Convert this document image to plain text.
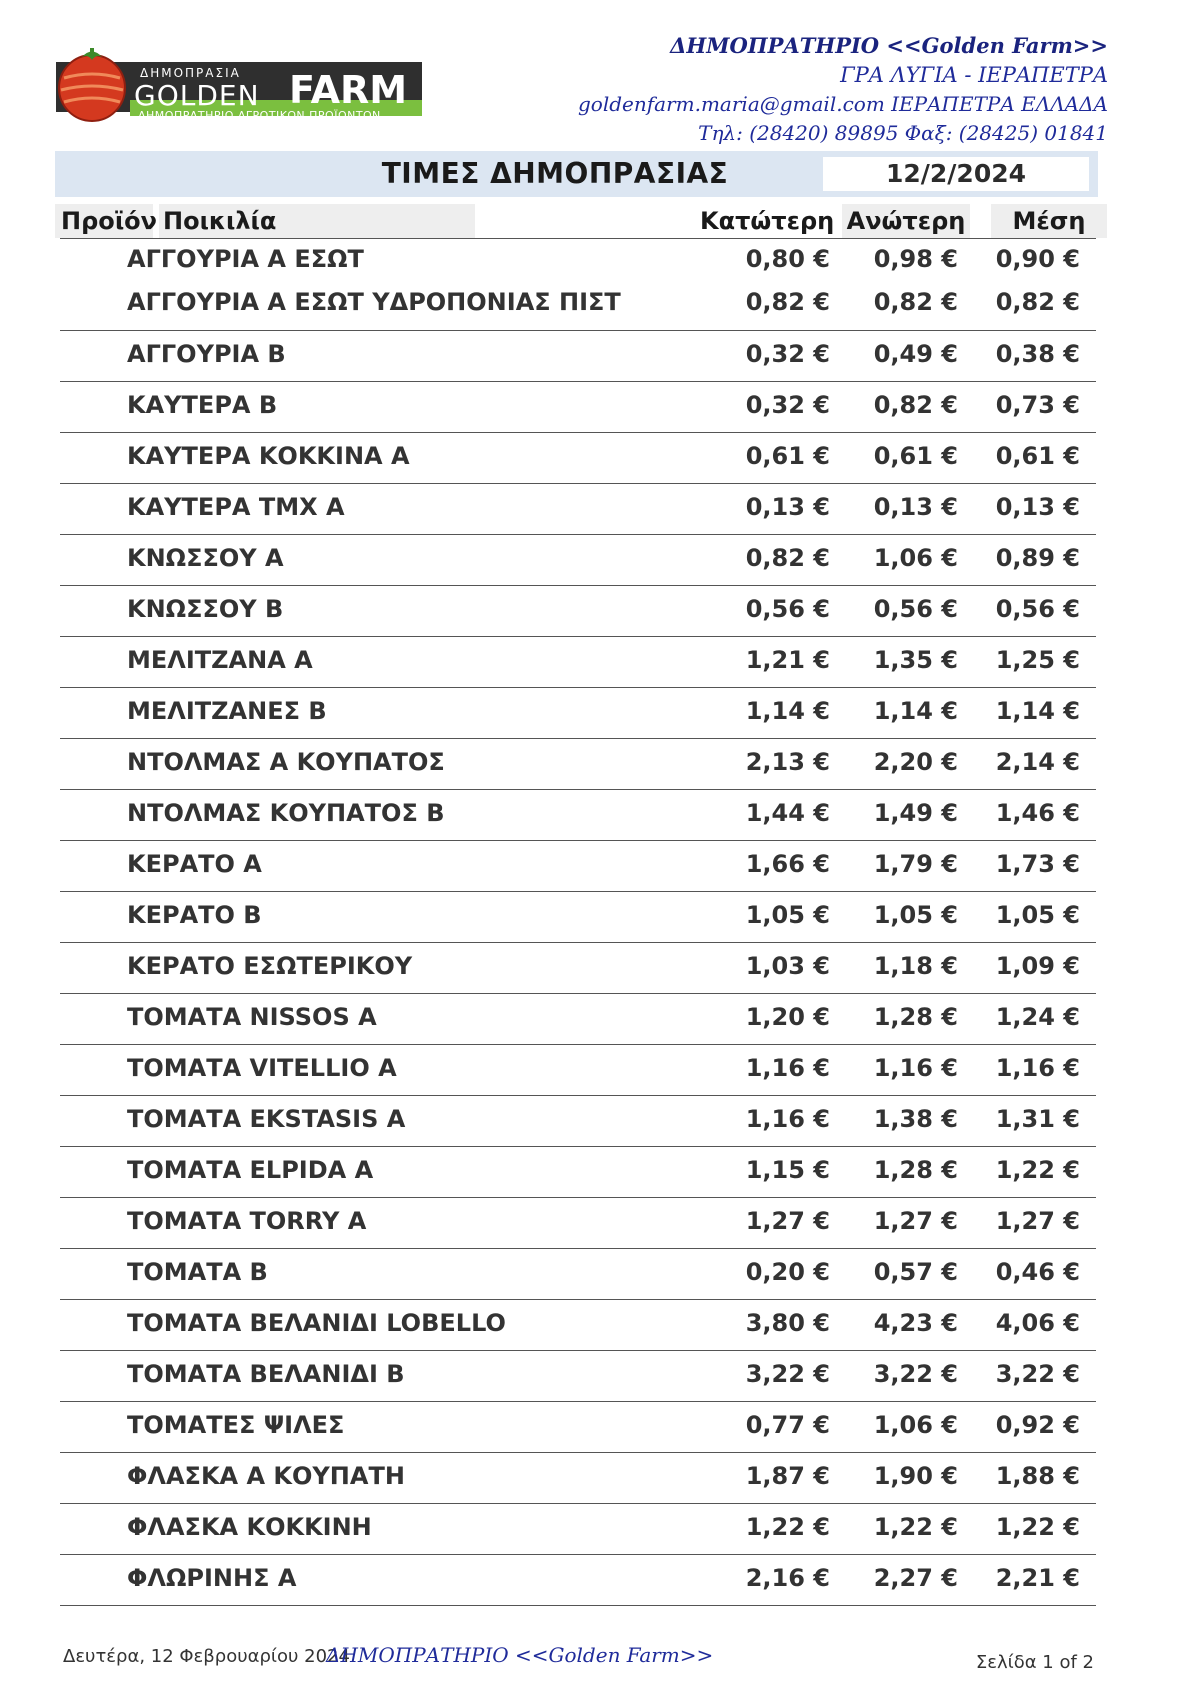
ΔΗΜΟΠΡΑΣΙΑ
GOLDEN FARM
ΔΗΜΟΠΡΑΤΗΡΙΟ ΑΓΡΟΤΙΚΩΝ ΠΡΟΪΟΝΤΩΝ
ΔΗΜΟΠΡΑΤΗΡΙΟ <<Golden Farm>>
ΓΡΑ ΛΥΓΙΑ - ΙΕΡΑΠΕΤΡΑ
goldenfarm.maria@gmail.com ΙΕΡΑΠΕΤΡΑ ΕΛΛΑΔΑ
Τηλ: (28420) 89895 Φαξ: (28425) 01841
ΤΙΜΕΣ ΔΗΜΟΠΡΑΣΙΑΣ	12/2/2024
Προϊόν Ποικιλία	Κατώτερη Ανώτερη	Μέση
ΑΓΓΟΥΡΙΑ Α ΕΣΩΤ	0,80 €	0,98 €	0,90 €
ΑΓΓΟΥΡΙΑ Α ΕΣΩΤ ΥΔΡΟΠΟΝΙΑΣ ΠΙΣΤ	0,82 €	0,82 €	0,82 €
ΑΓΓΟΥΡΙΑ Β	0,32 €	0,49 €	0,38 €
ΚΑΥΤΕΡΑ Β	0,32 €	0,82 €	0,73 €
ΚΑΥΤΕΡΑ ΚΟΚΚΙΝΑ Α	0,61 €	0,61 €	0,61 €
ΚΑΥΤΕΡΑ ΤΜΧ Α	0,13 €	0,13 €	0,13 €
ΚΝΩΣΣΟΥ Α	0,82 €	1,06 €	0,89 €
ΚΝΩΣΣΟΥ Β	0,56 €	0,56 €	0,56 €
ΜΕΛΙΤΖΑΝΑ Α	1,21 €	1,35 €	1,25 €
ΜΕΛΙΤΖΑΝΕΣ Β	1,14 €	1,14 €	1,14 €
ΝΤΟΛΜΑΣ Α ΚΟΥΠΑΤΟΣ	2,13 €	2,20 €	2,14 €
ΝΤΟΛΜΑΣ ΚΟΥΠΑΤΟΣ Β	1,44 €	1,49 €	1,46 €
ΚΕΡΑΤΟ Α	1,66 €	1,79 €	1,73 €
ΚΕΡΑΤΟ Β	1,05 €	1,05 €	1,05 €
ΚΕΡΑΤΟ ΕΣΩΤΕΡΙΚΟΥ	1,03 €	1,18 €	1,09 €
ΤΟΜΑΤΑ NISSOS Α	1,20 €	1,28 €	1,24 €
ΤΟΜΑΤΑ VITELLIO Α	1,16 €	1,16 €	1,16 €
ΤΟΜΑΤΑ EKSTASIS Α	1,16 €	1,38 €	1,31 €
ΤΟΜΑΤΑ ELPIDA Α	1,15 €	1,28 €	1,22 €
ΤΟΜΑΤΑ TORRY Α	1,27 €	1,27 €	1,27 €
ΤΟΜΑΤΑ Β	0,20 €	0,57 €	0,46 €
ΤΟΜΑΤΑ ΒΕΛΑΝΙΔΙ LOBELLO	3,80 €	4,23 €	4,06 €
ΤΟΜΑΤΑ ΒΕΛΑΝΙΔΙ Β	3,22 €	3,22 €	3,22 €
ΤΟΜΑΤΕΣ ΨΙΛΕΣ	0,77 €	1,06 €	0,92 €
ΦΛΑΣΚΑ Α ΚΟΥΠΑΤΗ	1,87 €	1,90 €	1,88 €
ΦΛΑΣΚΑ ΚΟΚΚΙΝΗ	1,22 €	1,22 €	1,22 €
ΦΛΩΡΙΝΗΣ Α	2,16 €	2,27 €	2,21 €
Δευτέρα, 12 Φεβρουαρίου 2024
ΔΗΜΟΠΡΑΤΗΡΙΟ <<Golden Farm>>	Σελίδα 1 of 2
